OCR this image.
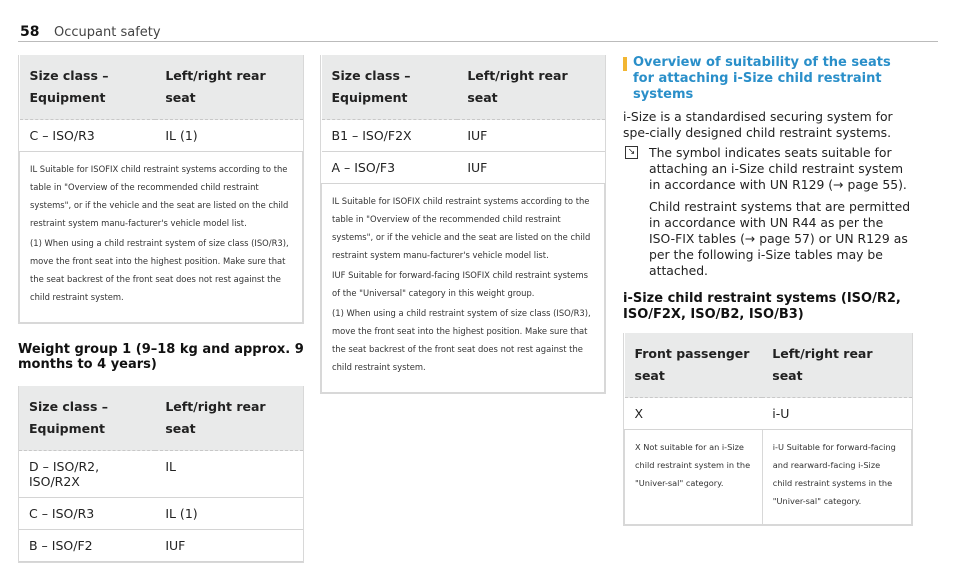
58 Occupant safety
Size class – Equipment	Left/right rear seat
C – ISO/R3	IL (1)

IL Suitable for ISOFIX child restraint systems according to the table in "Overview of the recommended child restraint systems", or if the vehicle and the seat are listed on the child restraint system manu-facturer's vehicle model list.

(1) When using a child restraint system of size class (ISO/R3), move the front seat into the highest position. Make sure that the seat backrest of the front seat does not rest against the child restraint system.	

Weight group 1 (9–18 kg and approx. 9 months to 4 years)
Size class – Equipment	Left/right rear seat
D – ISO/R2, ISO/R2X	IL
C – ISO/R3	IL (1)
B – ISO/F2	IUF
Size class – Equipment	Left/right rear seat
B1 – ISO/F2X	IUF
A – ISO/F3	IUF

IL Suitable for ISOFIX child restraint systems according to the table in "Overview of the recommended child restraint systems", or if the vehicle and the seat are listed on the child restraint system manu-facturer's vehicle model list.

IUF Suitable for forward-facing ISOFIX child restraint systems of the "Universal" category in this weight group.

(1) When using a child restraint system of size class (ISO/R3), move the front seat into the highest position. Make sure that the seat backrest of the front seat does not rest against the child restraint system.	

Overview of suitability of the seats for attaching i-Size child restraint systems

i-Size is a standardised securing system for spe-cially designed child restraint systems.

↘ The symbol indicates seats suitable for attaching an i-Size child restraint system in accordance with UN R129 (→ page 55).

Child restraint systems that are permitted in accordance with UN R44 as per the ISO-FIX tables (→ page 57) or UN R129 as per the following i-Size tables may be attached.

i-Size child restraint systems (ISO/R2, ISO/F2X, ISO/B2, ISO/B3)
Front passenger seat	Left/right rear seat
X	i-U
X Not suitable for an i-Size child restraint system in the "Univer-sal" category.	i-U Suitable for forward-facing and rearward-facing i-Size child restraint systems in the "Univer-sal" category.
